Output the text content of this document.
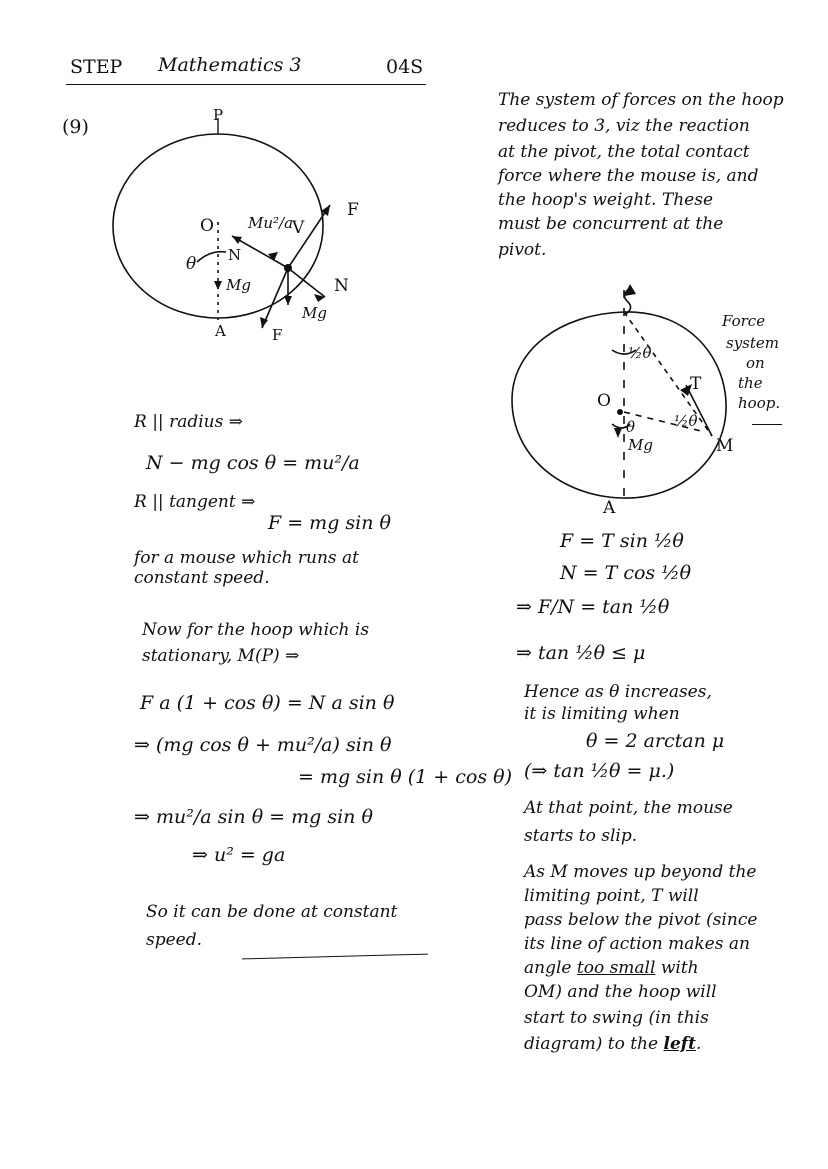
STEP Mathematics 3	04S
(9)
P
O Mu²/a
V
F
θ N
Mg	N
Mg
A	F
The system of forces on the hoop
reduces to 3, viz the reaction
at the pivot, the total contact
force where the mouse is, and
the hoop's weight. These
must be concurrent at the
pivot.
½θ
T
O
θ	½θ
Mg	M
A
Force
system
on
the
hoop.
R || radius ⇒
N − mg cos θ = mu²/a
R || tangent ⇒
F = mg sin θ
for a mouse which runs at
constant speed.
Now for the hoop which is
stationary, M(P) ⇒
F a (1 + cos θ) = N a sin θ
⇒ (mg cos θ + mu²/a) sin θ
= mg sin θ (1 + cos θ)
⇒ mu²/a sin θ = mg sin θ
⇒ u² = ga
So it can be done at constant
speed.
F = T sin ½θ
N = T cos ½θ
⇒ F/N = tan ½θ
⇒ tan ½θ ≤ μ
Hence as θ increases,
it is limiting when
θ = 2 arctan μ
(⇒ tan ½θ = μ.)
At that point, the mouse
starts to slip.
As M moves up beyond the
limiting point, T will
pass below the pivot (since
its line of action makes an
angle too small with
OM) and the hoop will
start to swing (in this
diagram) to the left.
